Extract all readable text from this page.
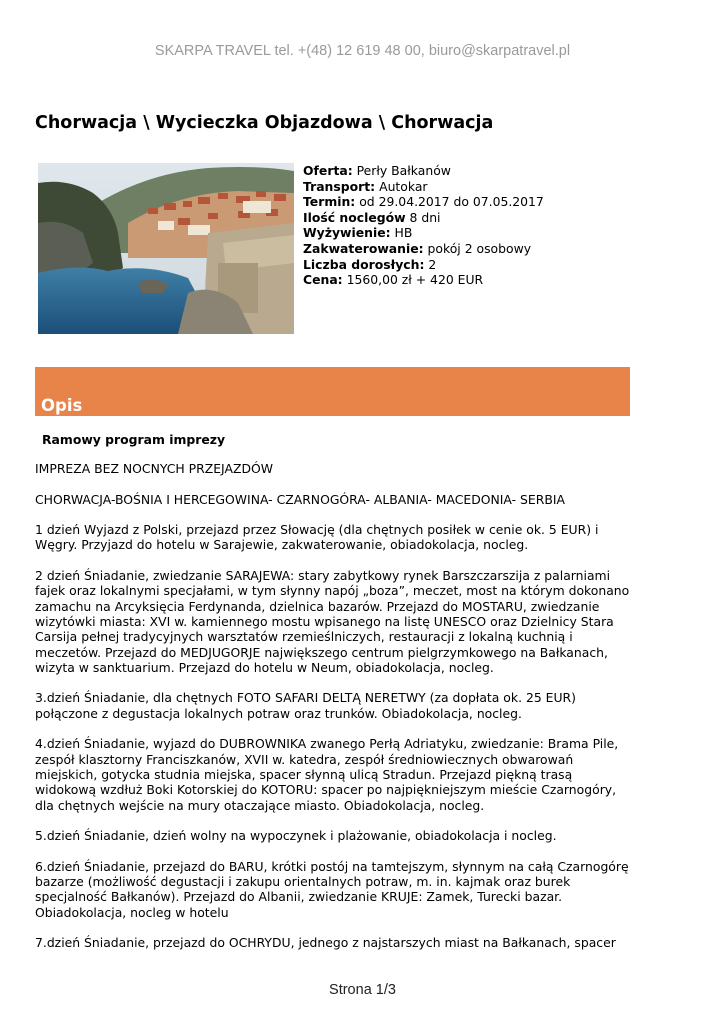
SKARPA TRAVEL tel. +(48) 12 619 48 00, biuro@skarpatravel.pl
Chorwacja \ Wycieczka Objazdowa \ Chorwacja
Oferta: Perły Bałkanów
Transport: Autokar
Termin: od 29.04.2017 do 07.05.2017
Ilość noclegów 8 dni
Wyżywienie: HB
Zakwaterowanie: pokój 2 osobowy
Liczba dorosłych: 2
Cena: 1560,00 zł + 420 EUR
Opis
Ramowy program imprezy

IMPREZA BEZ NOCNYCH PRZEJAZDÓW

CHORWACJA-BOŚNIA I HERCEGOWINA- CZARNOGÓRA- ALBANIA- MACEDONIA- SERBIA

1 dzień Wyjazd z Polski, przejazd przez Słowację (dla chętnych posiłek w cenie ok. 5 EUR) i Węgry. Przyjazd do hotelu w Sarajewie, zakwaterowanie, obiadokolacja, nocleg.

2 dzień Śniadanie, zwiedzanie SARAJEWA: stary zabytkowy rynek Barszczarszija z palarniami fajek oraz lokalnymi specjałami, w tym słynny napój „boza”, meczet, most na którym dokonano zamachu na Arcyksięcia Ferdynanda, dzielnica bazarów. Przejazd do MOSTARU, zwiedzanie wizytówki miasta: XVI w. kamiennego mostu wpisanego na listę UNESCO oraz Dzielnicy Stara Carsija pełnej tradycyjnych warsztatów rzemieślniczych, restauracji z lokalną kuchnią i meczetów. Przejazd do MEDJUGORJE największego centrum pielgrzymkowego na Bałkanach, wizyta w sanktuarium. Przejazd do hotelu w Neum, obiadokolacja, nocleg.

3.dzień Śniadanie, dla chętnych FOTO SAFARI DELTĄ NERETWY (za dopłata ok. 25 EUR) połączone z degustacja lokalnych potraw oraz trunków. Obiadokolacja, nocleg.

4.dzień Śniadanie, wyjazd do DUBROWNIKA zwanego Perłą Adriatyku, zwiedzanie: Brama Pile, zespół klasztorny Franciszkanów, XVII w. katedra, zespół średniowiecznych obwarowań miejskich, gotycka studnia miejska, spacer słynną ulicą Stradun. Przejazd piękną trasą widokową wzdłuż Boki Kotorskiej do KOTORU: spacer po najpiękniejszym mieście Czarnogóry, dla chętnych wejście na mury otaczające miasto. Obiadokolacja, nocleg.

5.dzień Śniadanie, dzień wolny na wypoczynek i plażowanie, obiadokolacja i nocleg.

6.dzień Śniadanie, przejazd do BARU, krótki postój na tamtejszym, słynnym na całą Czarnogórę bazarze (możliwość degustacji i zakupu orientalnych potraw, m. in. kajmak oraz burek specjalność Bałkanów). Przejazd do Albanii, zwiedzanie KRUJE: Zamek, Turecki bazar. Obiadokolacja, nocleg w hotelu

7.dzień Śniadanie, przejazd do OCHRYDU, jednego z najstarszych miast na Bałkanach, spacer

Strona 1/3
